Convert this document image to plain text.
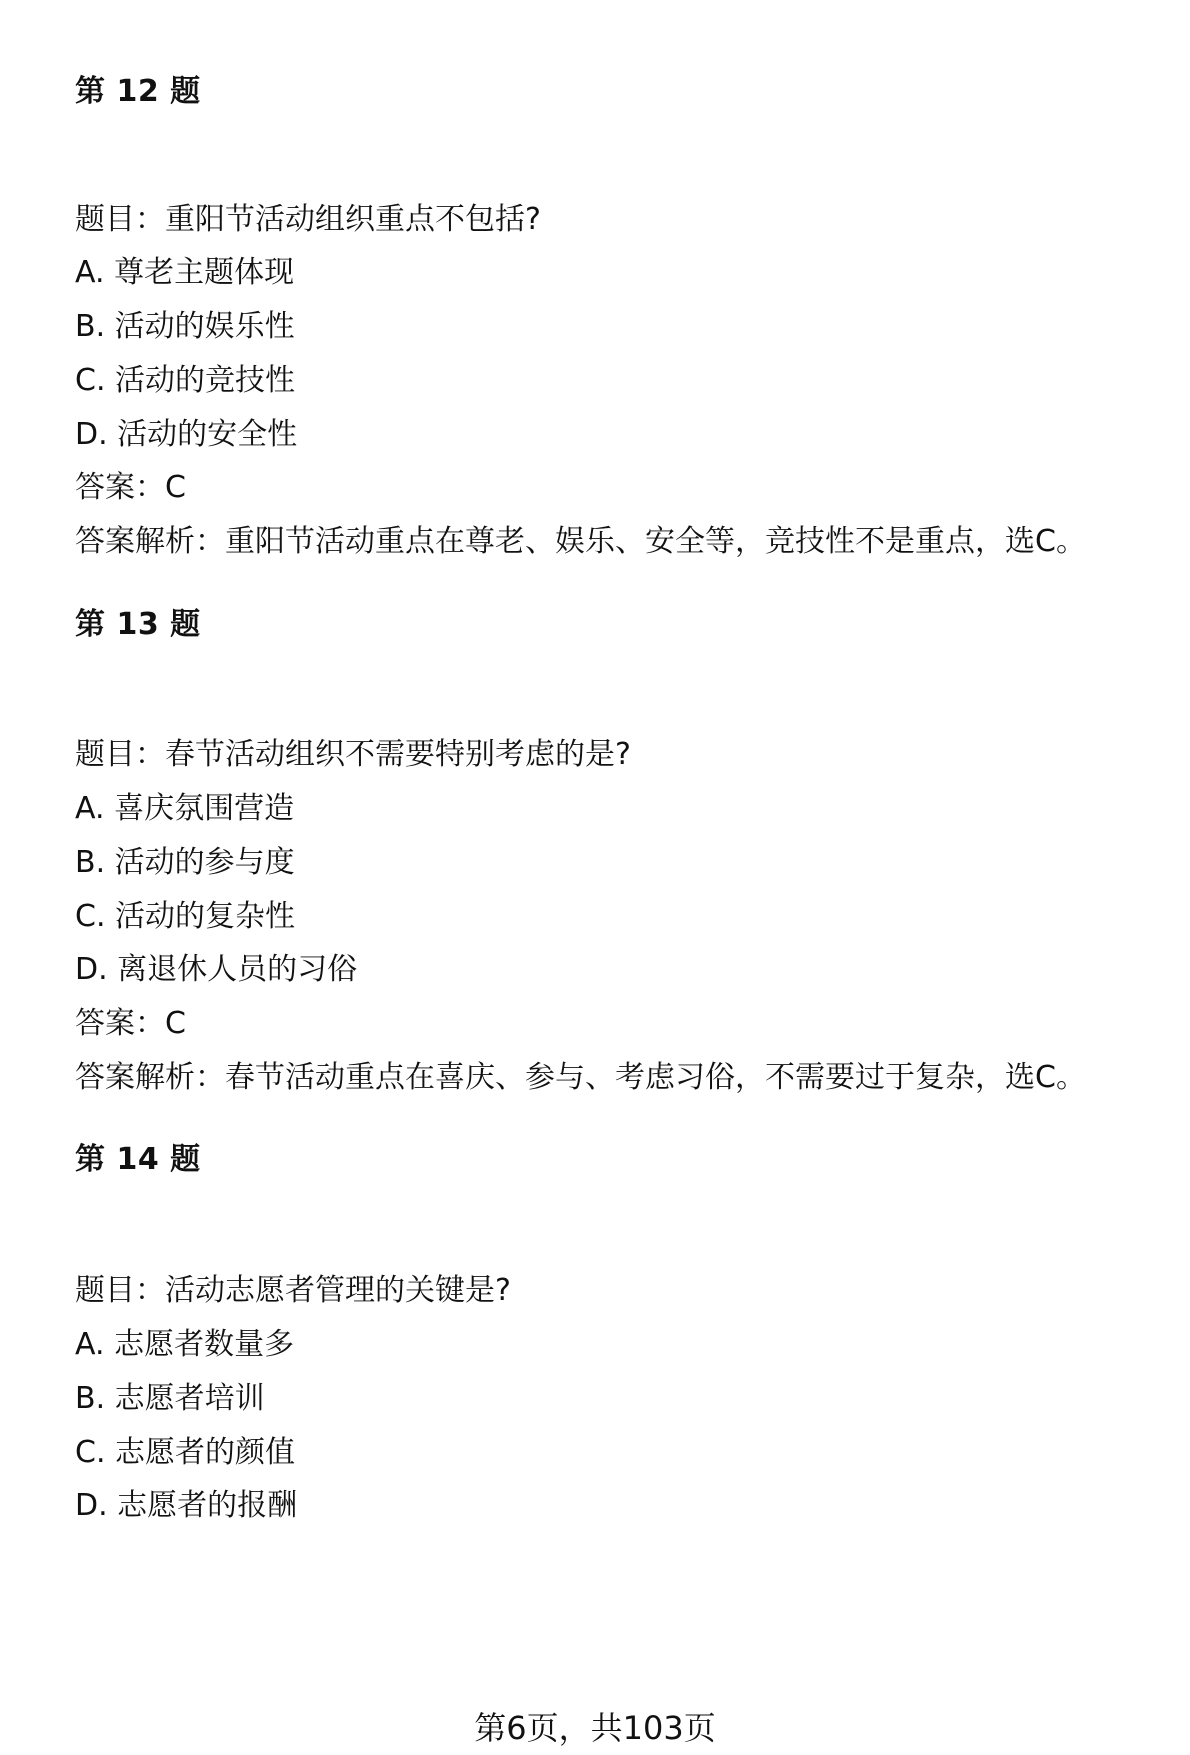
第 12 题
题目：重阳节活动组织重点不包括?
A. 尊老主题体现
B. 活动的娱乐性
C. 活动的竞技性
D. 活动的安全性
答案：C
答案解析：重阳节活动重点在尊老、娱乐、安全等，竞技性不是重点，选C。
第 13 题
题目：春节活动组织不需要特别考虑的是?
A. 喜庆氛围营造
B. 活动的参与度
C. 活动的复杂性
D. 离退休人员的习俗
答案：C
答案解析：春节活动重点在喜庆、参与、考虑习俗，不需要过于复杂，选C。
第 14 题
题目：活动志愿者管理的关键是?
A. 志愿者数量多
B. 志愿者培训
C. 志愿者的颜值
D. 志愿者的报酬
第6页，共103页
